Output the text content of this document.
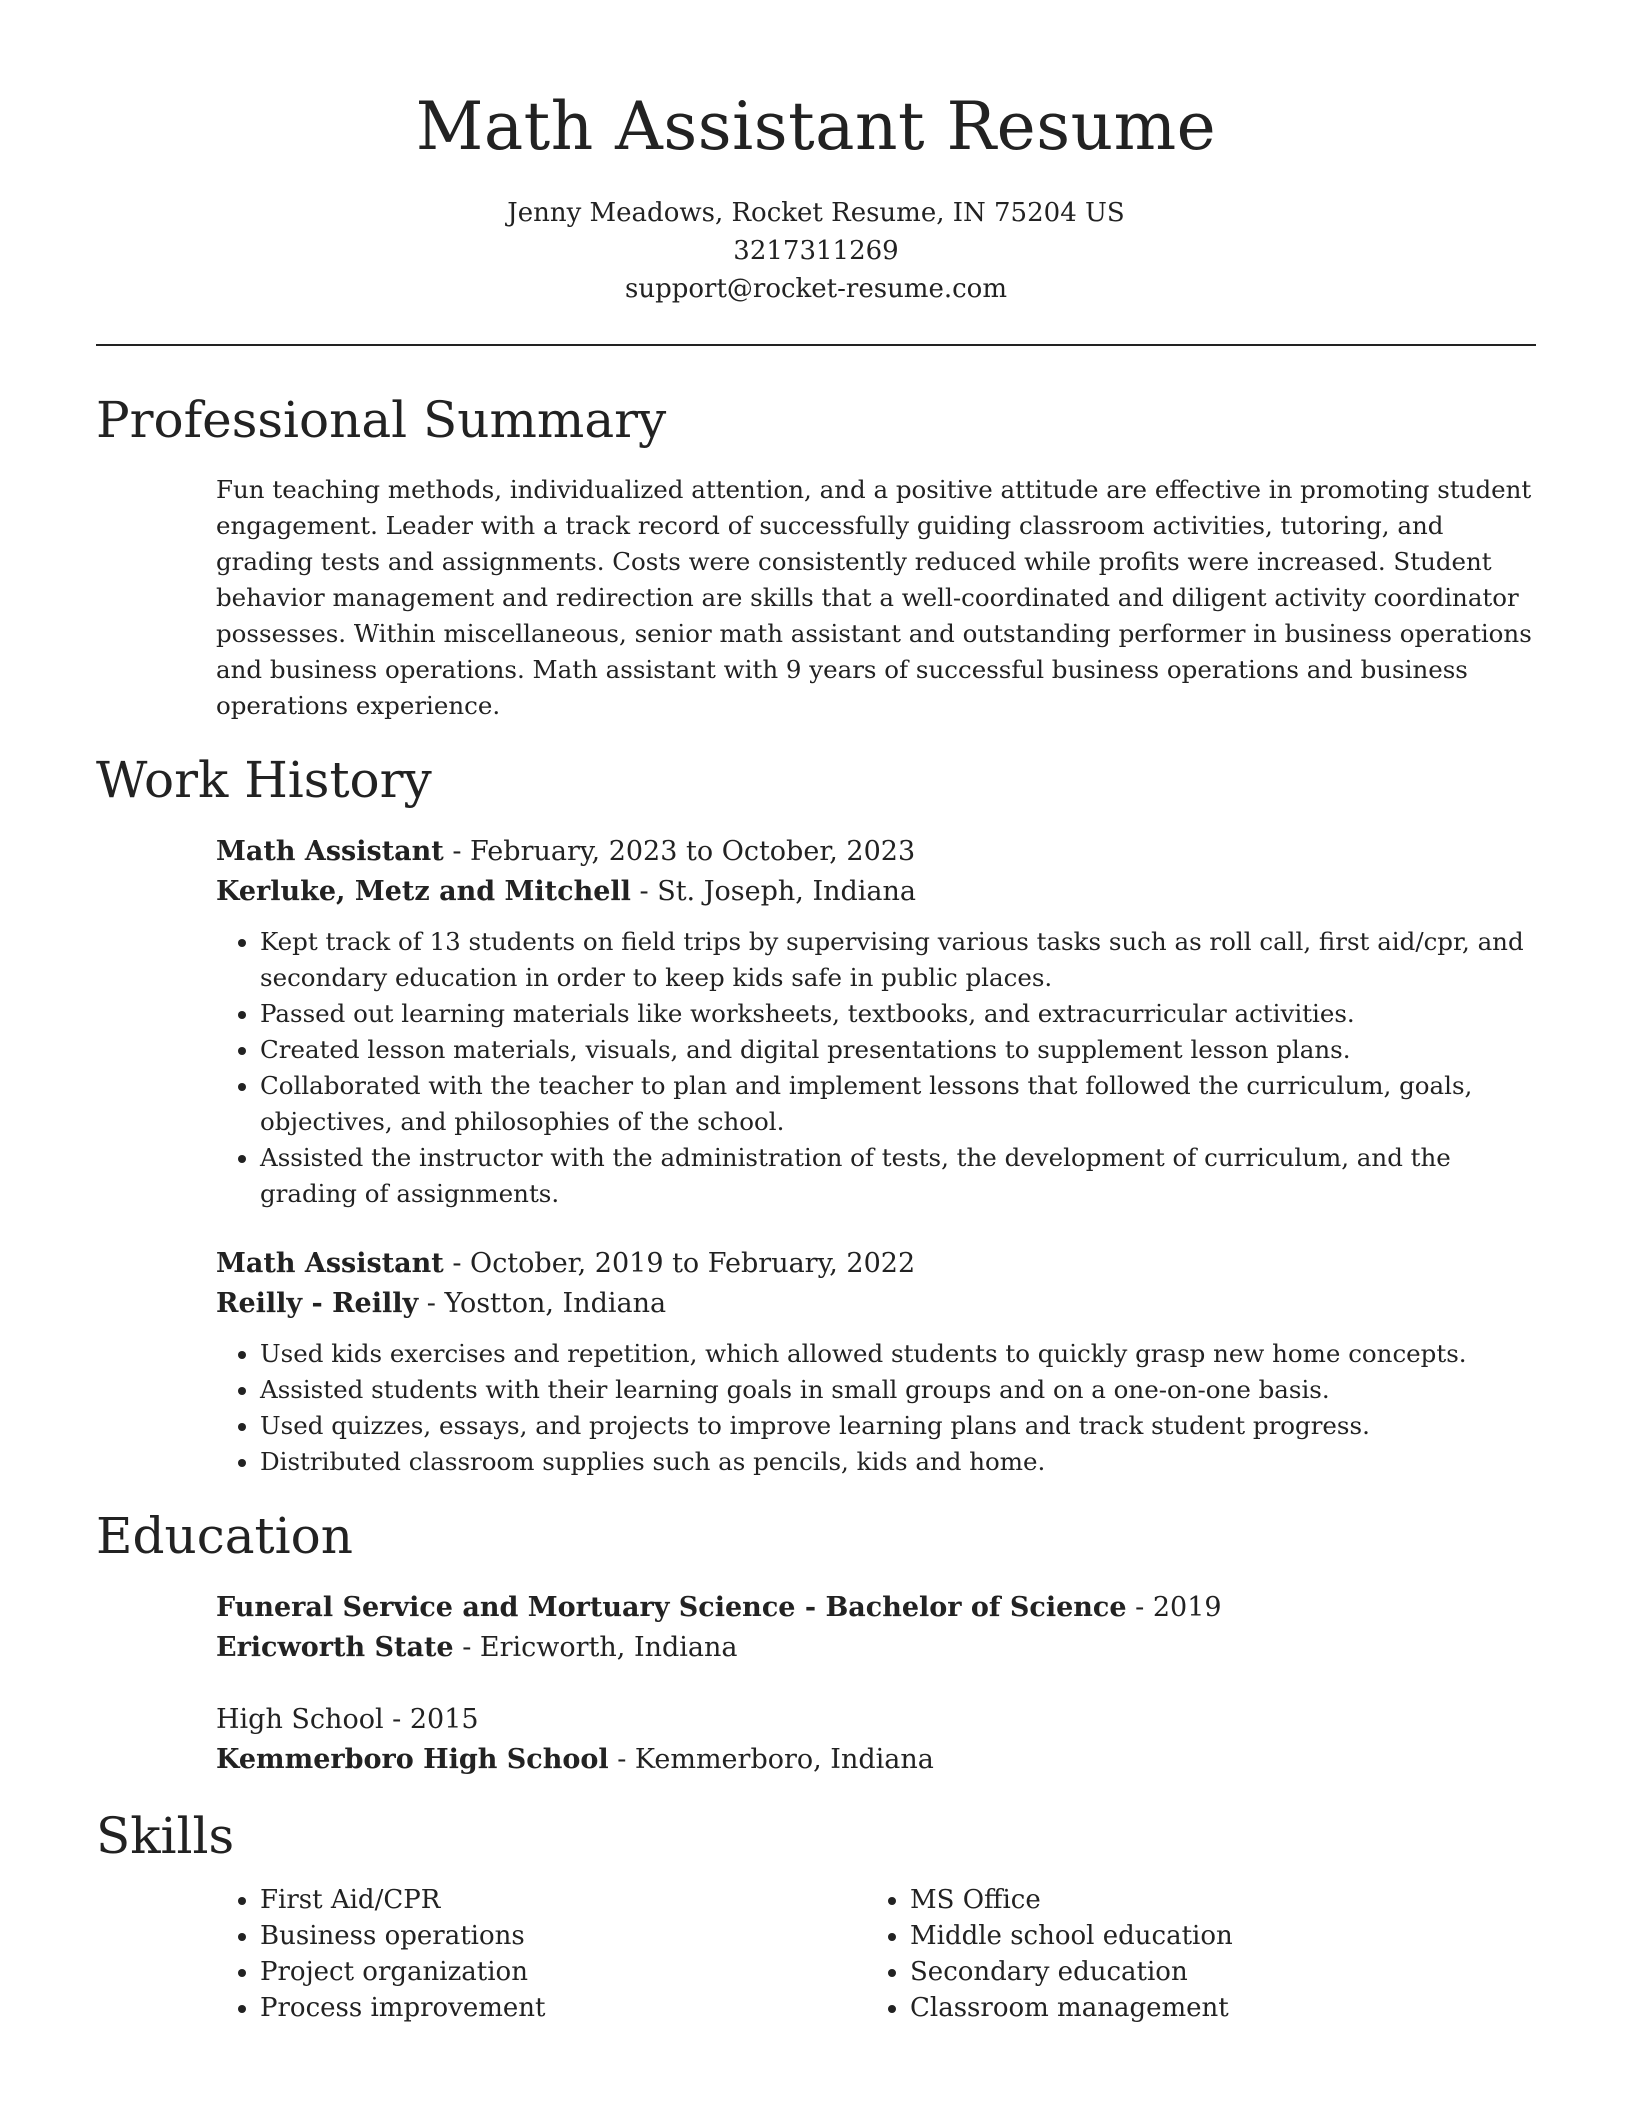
Math Assistant Resume
Jenny Meadows, Rocket Resume, IN 75204 US
3217311269
support@rocket-resume.com
Professional Summary

Fun teaching methods, individualized attention, and a positive attitude are effective in promoting student engagement. Leader with a track record of successfully guiding classroom activities, tutoring, and grading tests and assignments. Costs were consistently reduced while profits were increased. Student behavior management and redirection are skills that a well-coordinated and diligent activity coordinator possesses. Within miscellaneous, senior math assistant and outstanding performer in business operations and business operations. Math assistant with 9 years of successful business operations and business operations experience.

Work History
Math Assistant - February, 2023 to October, 2023
Kerluke, Metz and Mitchell - St. Joseph, Indiana
• Kept track of 13 students on field trips by supervising various tasks such as roll call, first aid/cpr, and secondary education in order to keep kids safe in public places.
• Passed out learning materials like worksheets, textbooks, and extracurricular activities.
• Created lesson materials, visuals, and digital presentations to supplement lesson plans.
• Collaborated with the teacher to plan and implement lessons that followed the curriculum, goals, objectives, and philosophies of the school.
• Assisted the instructor with the administration of tests, the development of curriculum, and the grading of assignments.
Math Assistant - October, 2019 to February, 2022
Reilly - Reilly - Yostton, Indiana
• Used kids exercises and repetition, which allowed students to quickly grasp new home concepts.
• Assisted students with their learning goals in small groups and on a one-on-one basis.
• Used quizzes, essays, and projects to improve learning plans and track student progress.
• Distributed classroom supplies such as pencils, kids and home.
Education
Funeral Service and Mortuary Science - Bachelor of Science - 2019
Ericworth State - Ericworth, Indiana
High School - 2015
Kemmerboro High School - Kemmerboro, Indiana
Skills
• First Aid/CPR
• Business operations
• Project organization
• Process improvement
• MS Office
• Middle school education
• Secondary education
• Classroom management
